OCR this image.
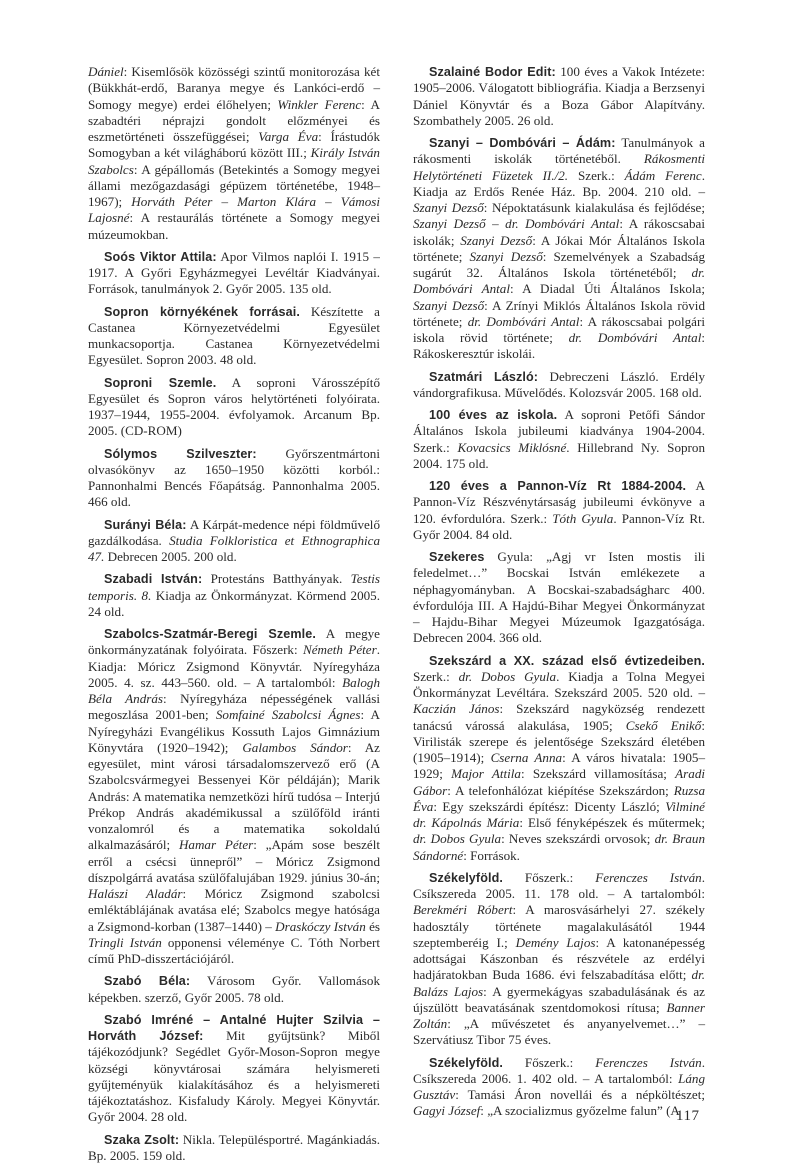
Dániel: Kisemlősök közösségi szintű monitorozása két (Bükkhát-erdő, Baranya megye és Lankóci-erdő – Somogy megye) erdei élőhelyen; Winkler Ferenc: A szabadtéri néprajzi gondolt előzményei és eszmetörténeti összefüggései; Varga Éva: Írástudók Somogyban a két világháború között III.; Király István Szabolcs: A gépállomás (Betekintés a Somogy megyei állami mezőgazdasági gépüzem történetébe, 1948–1967); Horváth Péter – Marton Klára – Vámosi Lajosné: A restaurálás története a Somogy megyei múzeumokban.

Soós Viktor Attila: Apor Vilmos naplói I. 1915 –1917. A Győri Egyházmegyei Levéltár Kiadványai. Források, tanulmányok 2. Győr 2005. 135 old.

Sopron környékének forrásai. Készítette a Castanea Környezetvédelmi Egyesület munkacsoportja. Castanea Környezetvédelmi Egyesület. Sopron 2003. 48 old.

Soproni Szemle. A soproni Városszépítő Egyesület és Sopron város helytörténeti folyóirata. 1937–1944, 1955-2004. évfolyamok. Arcanum Bp. 2005. (CD-ROM)

Sólymos Szilveszter: Győrszentmártoni olvasókönyv az 1650–1950 közötti korból.: Pannonhalmi Bencés Főapátság. Pannonhalma 2005. 466 old.

Surányi Béla: A Kárpát-medence népi földművelő gazdálkodása. Studia Folkloristica et Ethnographica 47. Debrecen 2005. 200 old.

Szabadi István: Protestáns Batthyányak. Testis temporis. 8. Kiadja az Önkormányzat. Körmend 2005. 24 old.

Szabolcs-Szatmár-Beregi Szemle. A megye önkormányzatának folyóirata. Főszerk: Németh Péter. Kiadja: Móricz Zsigmond Könyvtár. Nyíregyháza 2005. 4. sz. 443–560. old. – A tartalomból: Balogh Béla András: Nyíregyháza népességének vallási megoszlása 2001-ben; Somfainé Szabolcsi Ágnes: A Nyíregyházi Evangélikus Kossuth Lajos Gimnázium Könyvtára (1920–1942); Galambos Sándor: Az egyesület, mint városi társadalomszervező erő (A Szabolcsvármegyei Bessenyei Kör példáján); Marik András: A matematika nemzetközi hírű tudósa – Interjú Prékop András akadémikussal a szülőföld iránti vonzalomról és a matematika sokoldalú alkalmazásáról; Hamar Péter: „Apám sose beszélt erről a csécsi ünnepről” – Móricz Zsigmond díszpolgárrá avatása szülőfalujában 1929. június 30-án; Halászi Aladár: Móricz Zsigmond szabolcsi emléktáblájának avatása elé; Szabolcs megye hatósága a Zsigmond-korban (1387–1440) – Draskóczy István és Tringli István opponensi véleménye C. Tóth Norbert című PhD-disszertációjáról.

Szabó Béla: Városom Győr. Vallomások képekben. szerző, Győr 2005. 78 old.

Szabó Imréné – Antalné Hujter Szilvia – Horváth József: Mit gyűjtsünk? Miből tájékozódjunk? Segédlet Győr-Moson-Sopron megye községi könyvtárosai számára helyismereti gyűjteményük kialakításához és a helyismereti tájékoztatáshoz. Kisfaludy Károly. Megyei Könyvtár. Győr 2004. 28 old.

Szaka Zsolt: Nikla. Településportré. Magánkiadás. Bp. 2005. 159 old.

Szalainé Bodor Edit: 100 éves a Vakok Intézete: 1905–2006. Válogatott bibliográfia. Kiadja a Berzsenyi Dániel Könyvtár és a Boza Gábor Alapítvány. Szombathely 2005. 26 old.

Szanyi – Dombóvári – Ádám: Tanulmányok a rákosmenti iskolák történetéből. Rákosmenti Helytörténeti Füzetek II./2. Szerk.: Ádám Ferenc. Kiadja az Erdős Renée Ház. Bp. 2004. 210 old. – Szanyi Dezső: Népoktatásunk kialakulása és fejlődése; Szanyi Dezső – dr. Dombóvári Antal: A rákoscsabai iskolák; Szanyi Dezső: A Jókai Mór Általános Iskola története; Szanyi Dezső: Szemelvények a Szabadság sugárút 32. Általános Iskola történetéből; dr. Dombóvári Antal: A Diadal Úti Általános Iskola; Szanyi Dezső: A Zrínyi Miklós Általános Iskola rövid története; dr. Dombóvári Antal: A rákoscsabai polgári iskola rövid története; dr. Dombóvári Antal: Rákoskeresztúr iskolái.

Szatmári László: Debreczeni László. Erdély vándorgrafikusa. Művelődés. Kolozsvár 2005. 168 old.

100 éves az iskola. A soproni Petőfi Sándor Általános Iskola jubileumi kiadványa 1904-2004. Szerk.: Kovacsics Miklósné. Hillebrand Ny. Sopron 2004. 175 old.

120 éves a Pannon-Víz Rt 1884-2004. A Pannon-Víz Részvénytársaság jubileumi évkönyve a 120. évfordulóra. Szerk.: Tóth Gyula. Pannon-Víz Rt. Győr 2004. 84 old.

Szekeres Gyula: „Agj vr Isten mostis ili feledelmet…” Bocskai István emlékezete a néphagyományban. A Bocskai-szabadságharc 400. évfordulója III. A Hajdú-Bihar Megyei Önkormányzat – Hajdu-Bihar Megyei Múzeumok Igazgatósága. Debrecen 2004. 366 old.

Szekszárd a XX. század első évtizedeiben. Szerk.: dr. Dobos Gyula. Kiadja a Tolna Megyei Önkormányzat Levéltára. Szekszárd 2005. 520 old. – Kaczián János: Szekszárd nagyközség rendezett tanácsú várossá alakulása, 1905; Csekő Enikő: Virilisták szerepe és jelentősége Szekszárd életében (1905–1914); Cserna Anna: A város hivatala: 1905–1929; Major Attila: Szekszárd villamosítása; Aradi Gábor: A telefonhálózat kiépítése Szekszárdon; Ruzsa Éva: Egy szekszárdi építész: Dicenty László; Vilminé dr. Kápolnás Mária: Első fényképészek és műtermek; dr. Dobos Gyula: Neves szekszárdi orvosok; dr. Braun Sándorné: Források.

Székelyföld. Főszerk.: Ferenczes István. Csíkszereda 2005. 11. 178 old. – A tartalomból: Berekméri Róbert: A marosvásárhelyi 27. székely hadosztály története magalakulásától 1944 szeptemberéig I.; Demény Lajos: A katonanépesség adottságai Kászonban és részvétele az erdélyi hadjáratokban Buda 1686. évi felszabadítása előtt; dr. Balázs Lajos: A gyermekágyas szabadulásának és az újszülött beavatásának szentdomokosi rítusa; Banner Zoltán: „A művészetet és anyanyelvemet…” – Szervátiusz Tibor 75 éves.

Székelyföld. Főszerk.: Ferenczes István. Csíkszereda 2006. 1. 402 old. – A tartalomból: Láng Gusztáv: Tamási Áron novellái és a népköltészet; Gagyi József: „A szocializmus győzelme falun” (A

117
